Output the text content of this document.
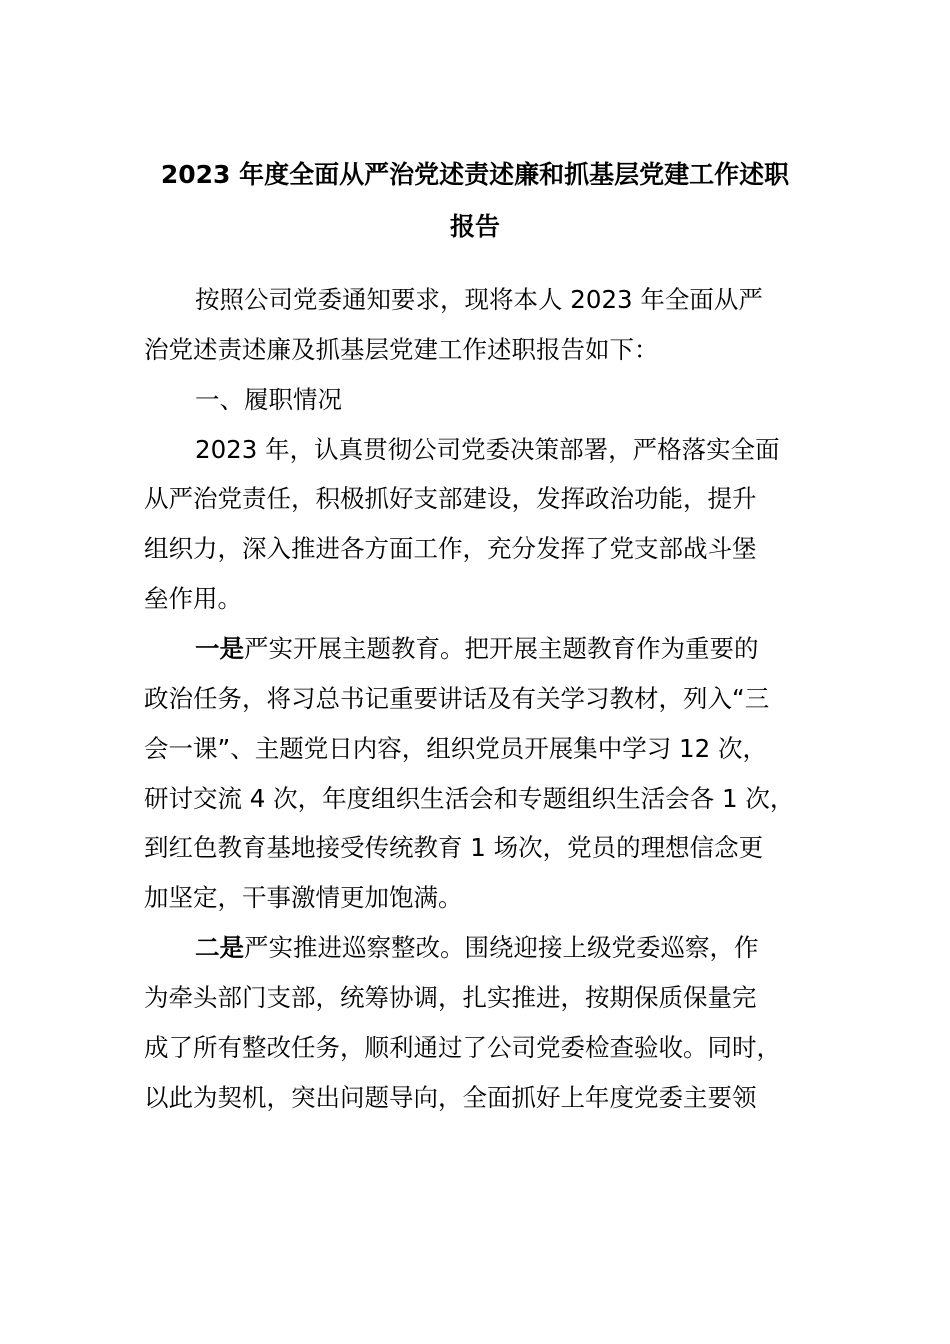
2023 年度全面从严治党述责述廉和抓基层党建工作述职
报告
按照公司党委通知要求，现将本人 2023 年全面从严
治党述责述廉及抓基层党建工作述职报告如下：
一、履职情况
2023 年，认真贯彻公司党委决策部署，严格落实全面
从严治党责任，积极抓好支部建设，发挥政治功能，提升
组织力，深入推进各方面工作，充分发挥了党支部战斗堡
垒作用。
一是严实开展主题教育。把开展主题教育作为重要的
政治任务，将习总书记重要讲话及有关学习教材，列入“三
会一课”、主题党日内容，组织党员开展集中学习 12 次，
研讨交流 4 次，年度组织生活会和专题组织生活会各 1 次，
到红色教育基地接受传统教育 1 场次，党员的理想信念更
加坚定，干事激情更加饱满。
二是严实推进巡察整改。围绕迎接上级党委巡察，作
为牵头部门支部，统筹协调，扎实推进，按期保质保量完
成了所有整改任务，顺利通过了公司党委检查验收。同时，
以此为契机，突出问题导向，全面抓好上年度党委主要领
